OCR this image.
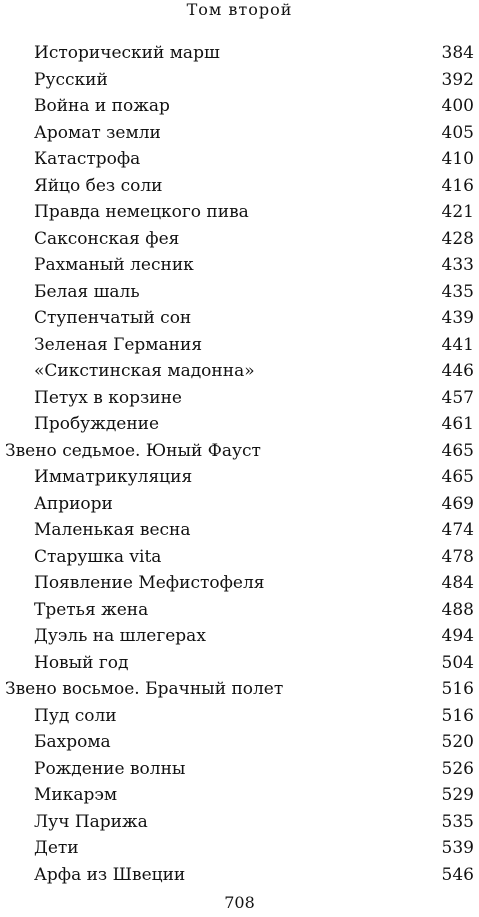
Том второй
Исторический марш	384
Русский	392
Война и пожар	400
Аромат земли	405
Катастрофа	410
Яйцо без соли	416
Правда немецкого пива	421
Саксонская фея	428
Рахманый лесник	433
Белая шаль	435
Ступенчатый сон	439
Зеленая Германия	441
«Сикстинская мадонна»	446
Петух в корзине	457
Пробуждение	461
Звено седьмое. Юный Фауст	465
Имматрикуляция	465
Априори	469
Маленькая весна	474
Старушка vita	478
Появление Мефистофеля	484
Третья жена	488
Дуэль на шлегерах	494
Новый год	504
Звено восьмое. Брачный полет	516
Пуд соли	516
Бахрома	520
Рождение волны	526
Микарэм	529
Луч Парижа	535
Дети	539
Арфа из Швеции	546
708
